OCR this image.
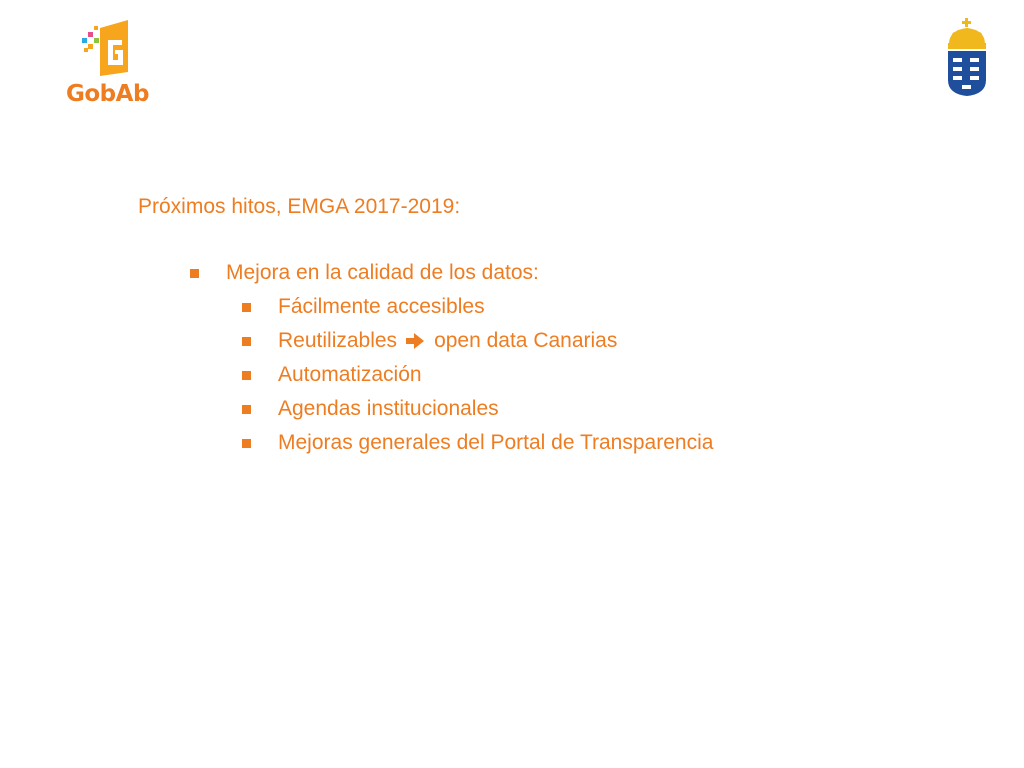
GobAb
Próximos hitos, EMGA 2017-2019:
Mejora en la calidad de los datos:
Fácilmente accesibles
Reutilizables open data Canarias
Automatización
Agendas institucionales
Mejoras generales del Portal de Transparencia
